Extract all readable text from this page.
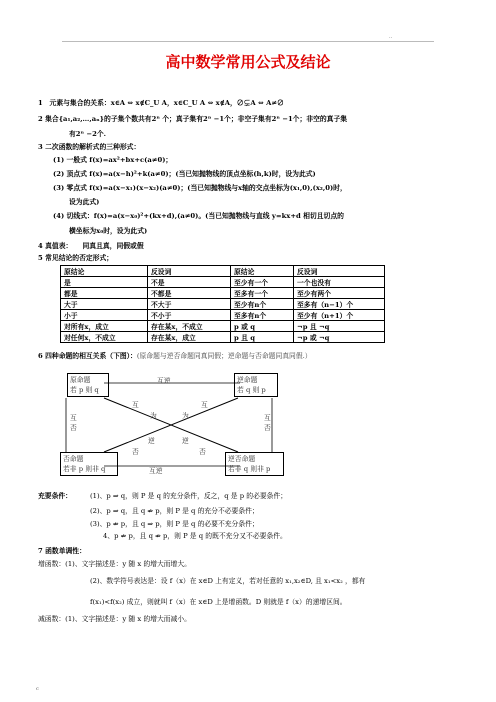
..
高中数学常用公式及结论
1　元素与集合的关系：x∈A ⇔ x∉C_U A，x∈C_U A ⇔ x∉A，∅⊊A ⇔ A≠∅
2 集合{a₁,a₂,…,aₙ}的子集个数共有2ⁿ 个；真子集有2ⁿ −1个；非空子集有2ⁿ −1个；非空的真子集
有2ⁿ −2个.
3 二次函数的解析式的三种形式：
(1) 一般式 f(x)=ax²+bx+c(a≠0)；
(2) 顶点式 f(x)=a(x−h)²+k(a≠0)；(当已知抛物线的顶点坐标(h,k)时，设为此式)
(3) 零点式 f(x)=a(x−x₁)(x−x₂)(a≠0)；(当已知抛物线与x轴的交点坐标为(x₁,0),(x₂,0)时，
设为此式)
(4) 切线式：f(x)=a(x−x₀)²+(kx+d),(a≠0)。(当已知抛物线与直线 y=kx+d 相切且切点的
横坐标为x₀时，设为此式)
4 真值表：　　同真且真，同假或假
5 常见结论的否定形式；
原结论	反设词	原结论	反设词
是	不是	至少有一个	一个也没有
都是	不都是	至多有一个	至少有两个
大于	不大于	至少有n个	至多有（n−1）个
小于	不小于	至多有n个	至少有（n+1）个
对所有x，成立	存在某x，不成立	p 或 q	¬p 且 ¬q
对任何x，不成立	存在某x，成立	p 且 q	¬p 或 ¬q
6 四种命题的相互关系（下图）：(原命题与逆否命题同真同假；逆命题与否命题同真同假.）
原命题
若 p 则 q
逆命题
若 q 则 p
否命题
若非 p 则非 q
逆否命题
若非 q 则非 p
互逆
互逆
互
否
互
否
互
为	为
互
逆	逆
否	否
充要条件：	(1)、p ⇒ q，则 P 是 q 的充分条件，反之，q 是 p 的必要条件；
(2)、p ⇒ q，且 q ⇏ p，则 P 是 q 的充分不必要条件；
(3)、p ⇏ p，且 q ⇒ p，则 P 是 q 的必要不充分条件；
4、p ⇏ p，且 q ⇏ p，则 P 是 q 的既不充分又不必要条件。
7 函数单调性：
增函数：(1)、文字描述是：y 随 x 的增大而增大。
(2)、数学符号表达是：设 f（x）在 x∈D 上有定义，若对任意的 x₁,x₂∈D, 且 x₁<x₂ ，都有
f(x₁)<f(x₂) 成立，则就叫 f（x）在 x∈D 上是增函数。D 则就是 f（x）的递增区间。
减函数：(1)、文字描述是：y 随 x 的增大而减小。
c
